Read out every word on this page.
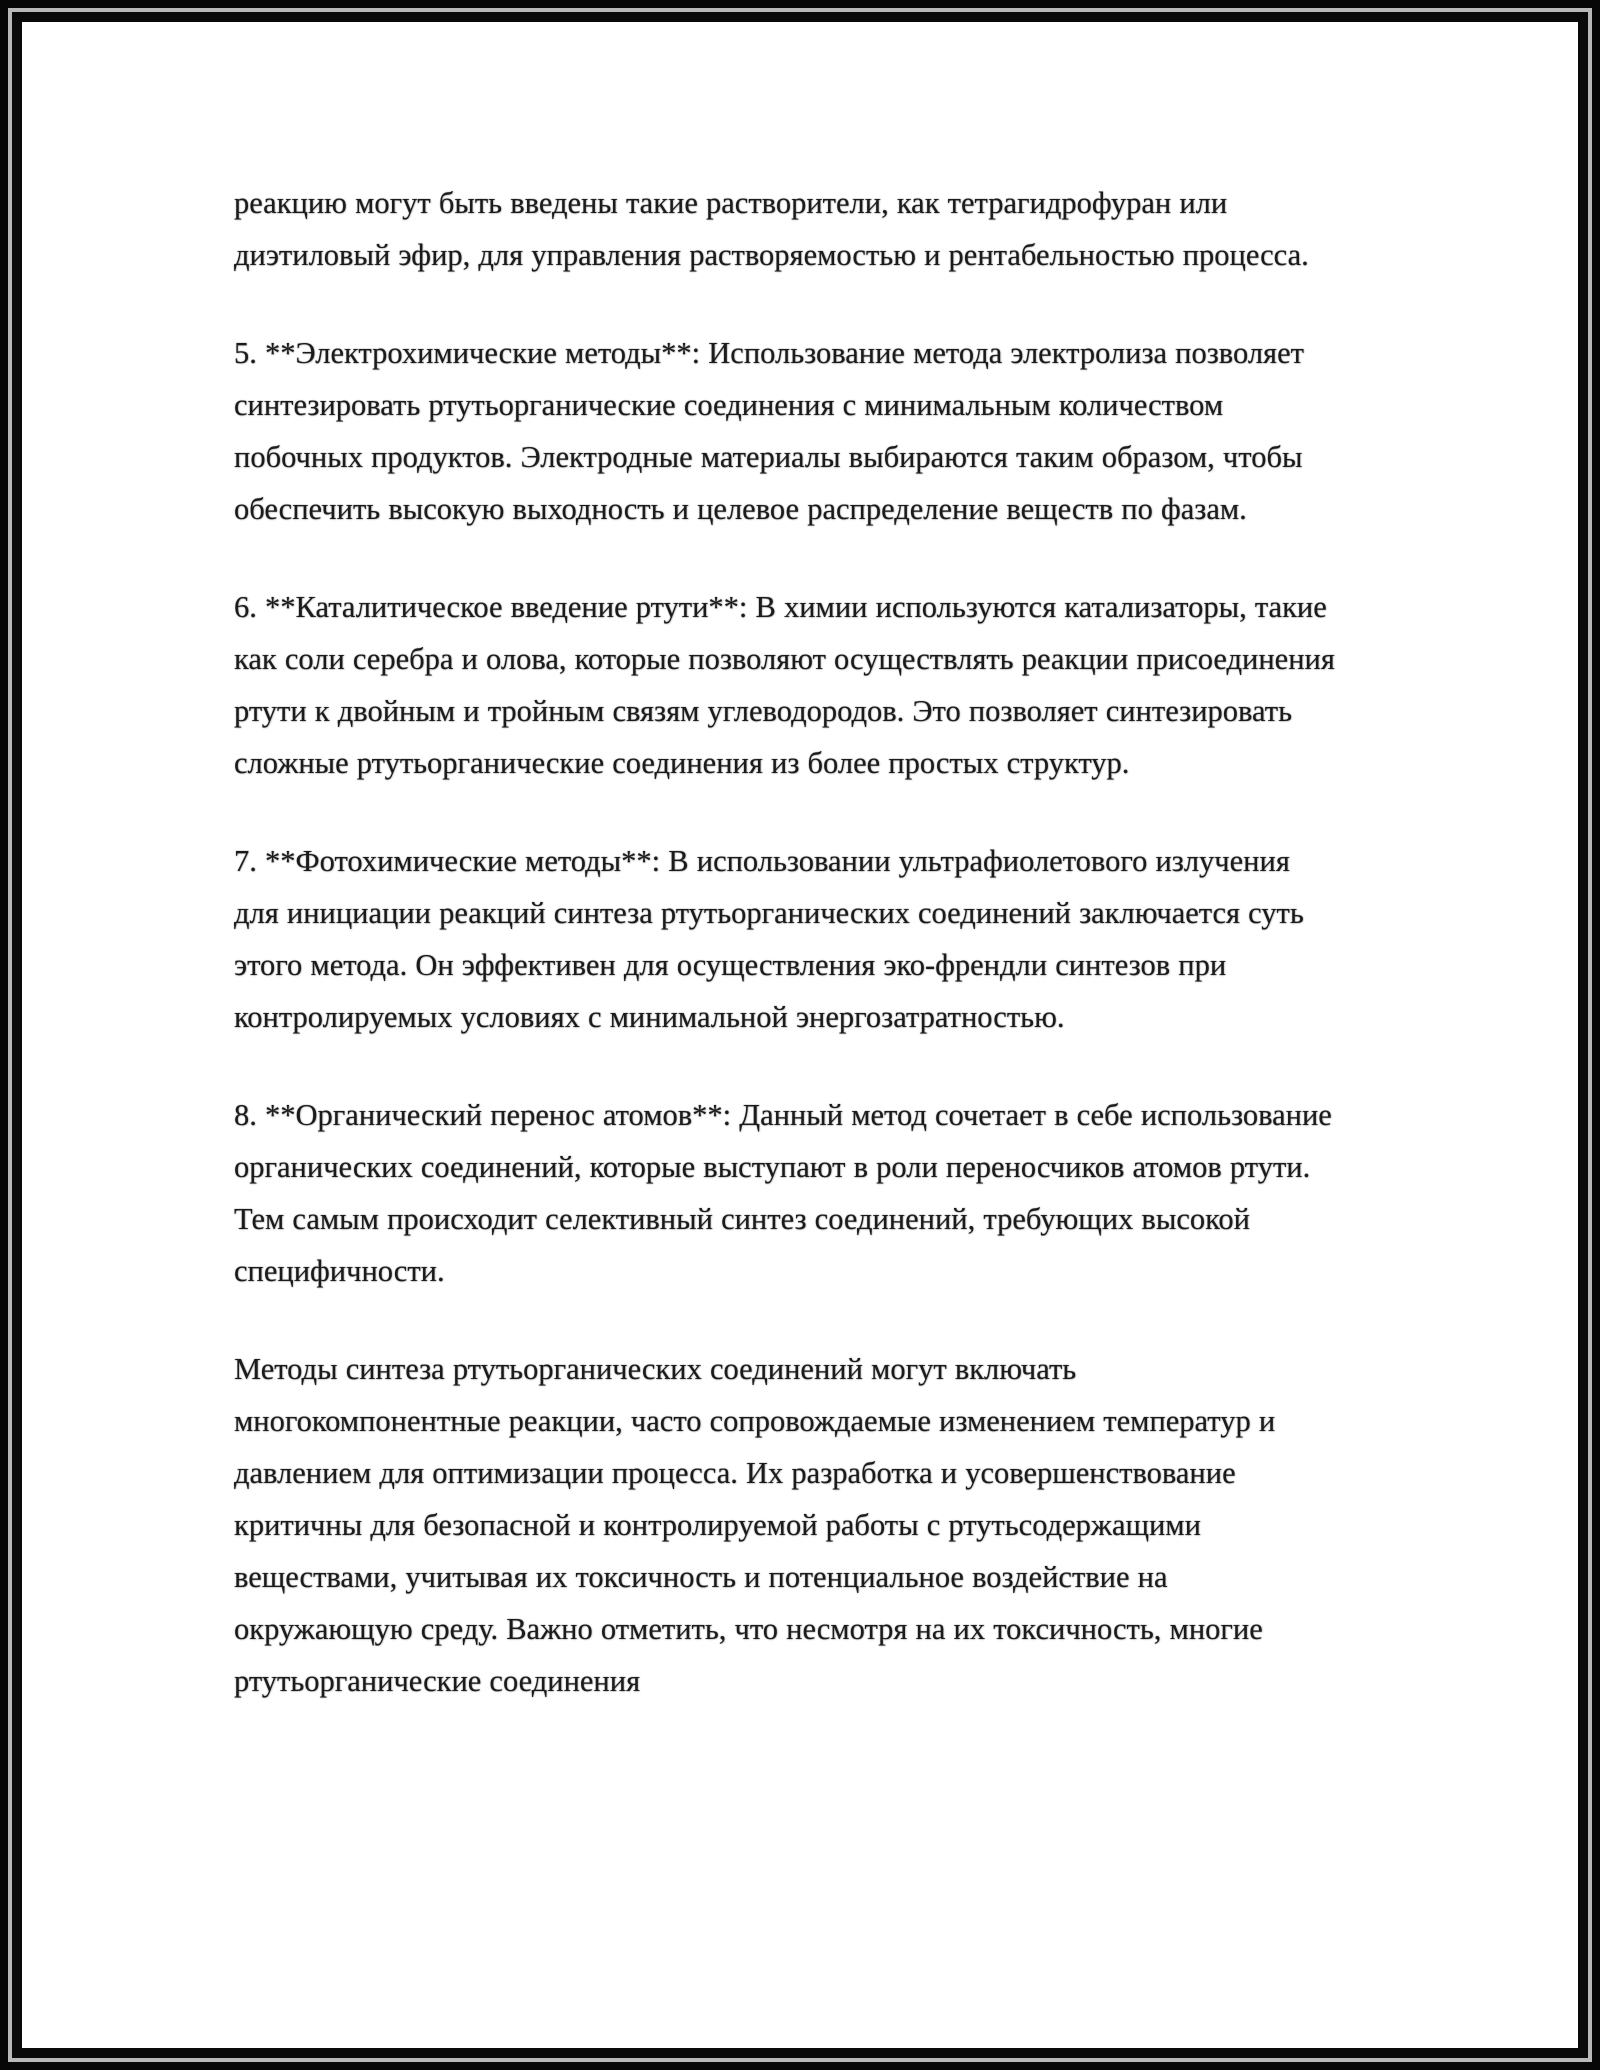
реакцию могут быть введены такие растворители, как тетрагидрофуран или диэтиловый эфир, для управления растворяемостью и рентабельностью процесса.

5. **Электрохимические методы**: Использование метода электролиза позволяет синтезировать ртутьорганические соединения с минимальным количеством побочных продуктов. Электродные материалы выбираются таким образом, чтобы обеспечить высокую выходность и целевое распределение веществ по фазам.

6. **Каталитическое введение ртути**: В химии используются катализаторы, такие как соли серебра и олова, которые позволяют осуществлять реакции присоединения ртути к двойным и тройным связям углеводородов. Это позволяет синтезировать сложные ртутьорганические соединения из более простых структур.

7. **Фотохимические методы**: В использовании ультрафиолетового излучения для инициации реакций синтеза ртутьорганических соединений заключается суть этого метода. Он эффективен для осуществления эко-френдли синтезов при контролируемых условиях с минимальной энергозатратностью.

8. **Органический перенос атомов**: Данный метод сочетает в себе использование органических соединений, которые выступают в роли переносчиков атомов ртути. Тем самым происходит селективный синтез соединений, требующих высокой специфичности.

Методы синтеза ртутьорганических соединений могут включать многокомпонентные реакции, часто сопровождаемые изменением температур и давлением для оптимизации процесса. Их разработка и усовершенствование критичны для безопасной и контролируемой работы с ртутьсодержащими веществами, учитывая их токсичность и потенциальное воздействие на окружающую среду. Важно отметить, что несмотря на их токсичность, многие ртутьорганические соединения
